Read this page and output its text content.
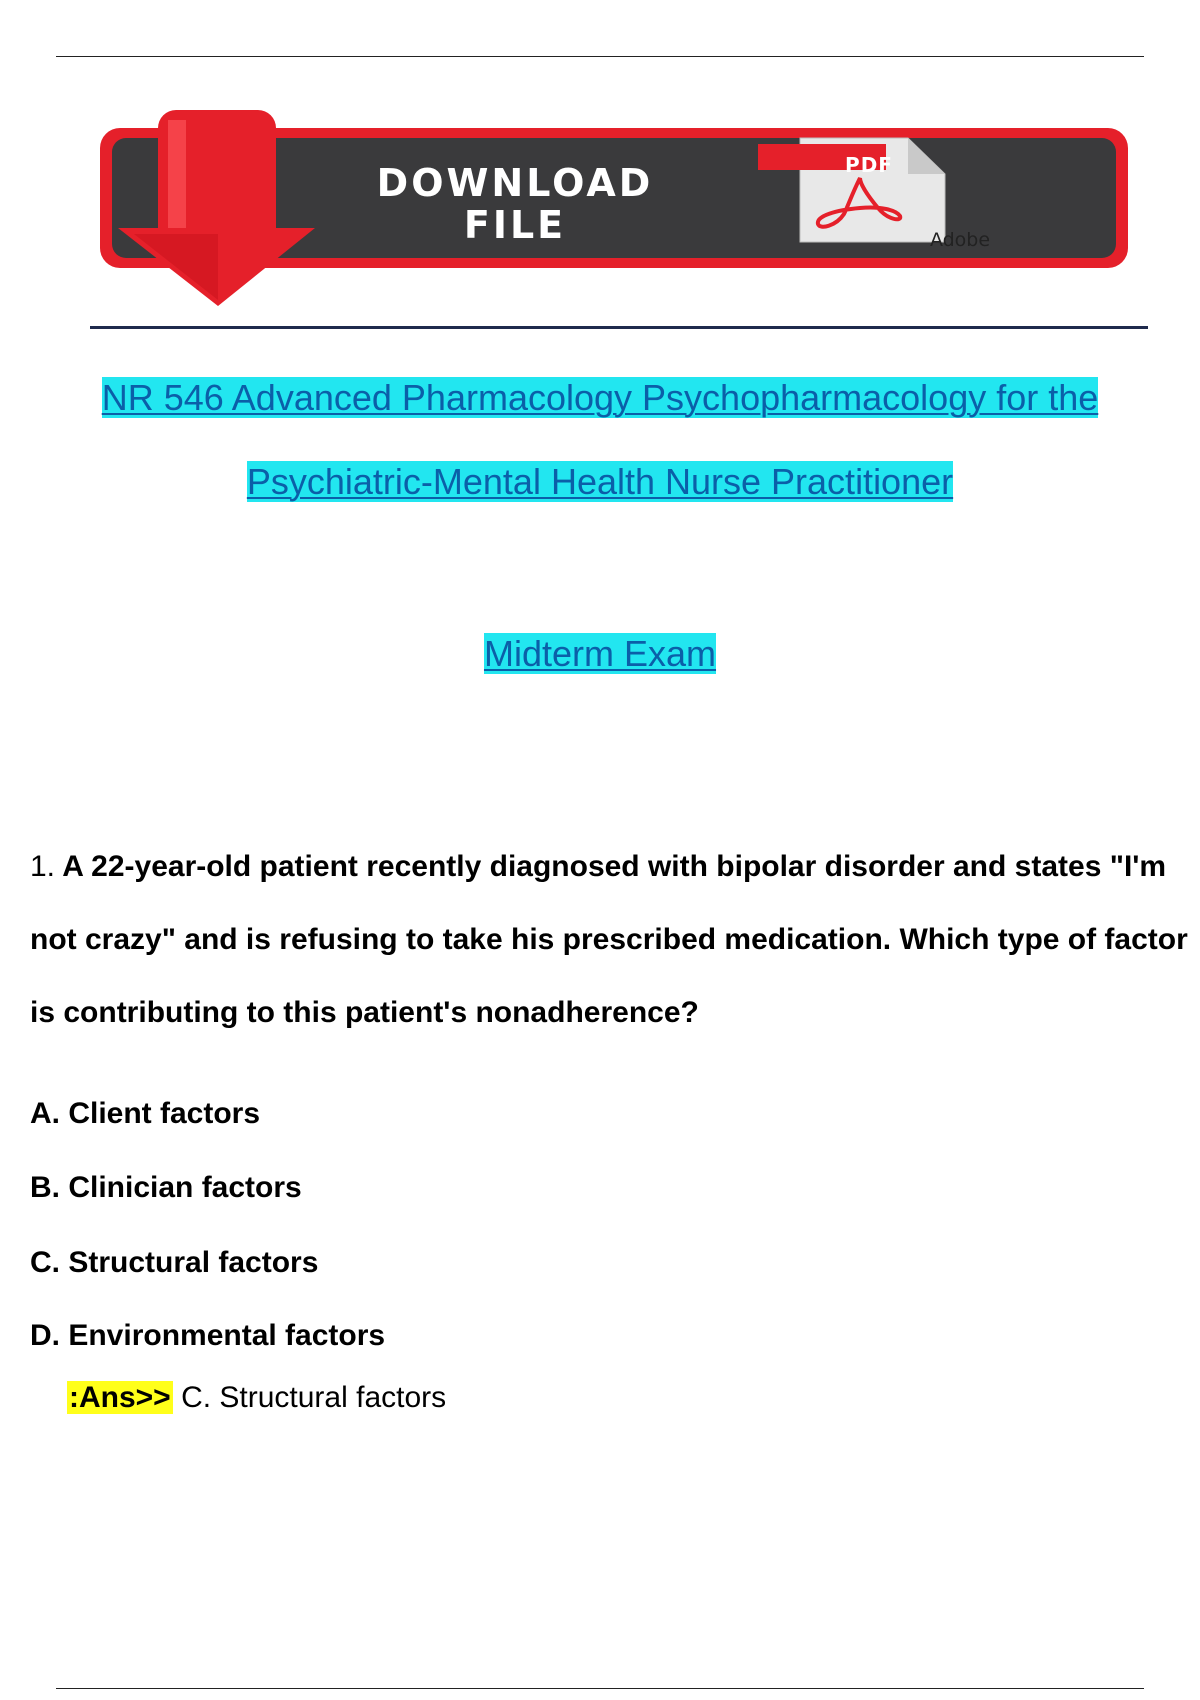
DOWNLOAD
FILE
PDF
Adobe
NR 546 Advanced Pharmacology Psychopharmacology for the
Psychiatric-Mental Health Nurse Practitioner
Midterm Exam
1. A 22-year-old patient recently diagnosed with bipolar disorder and states "I'm not crazy" and is refusing to take his prescribed medication. Which type of factor is contributing to this patient's nonadherence?
A. Client factors
B. Clinician factors
C. Structural factors
D. Environmental factors
:Ans>> C. Structural factors
